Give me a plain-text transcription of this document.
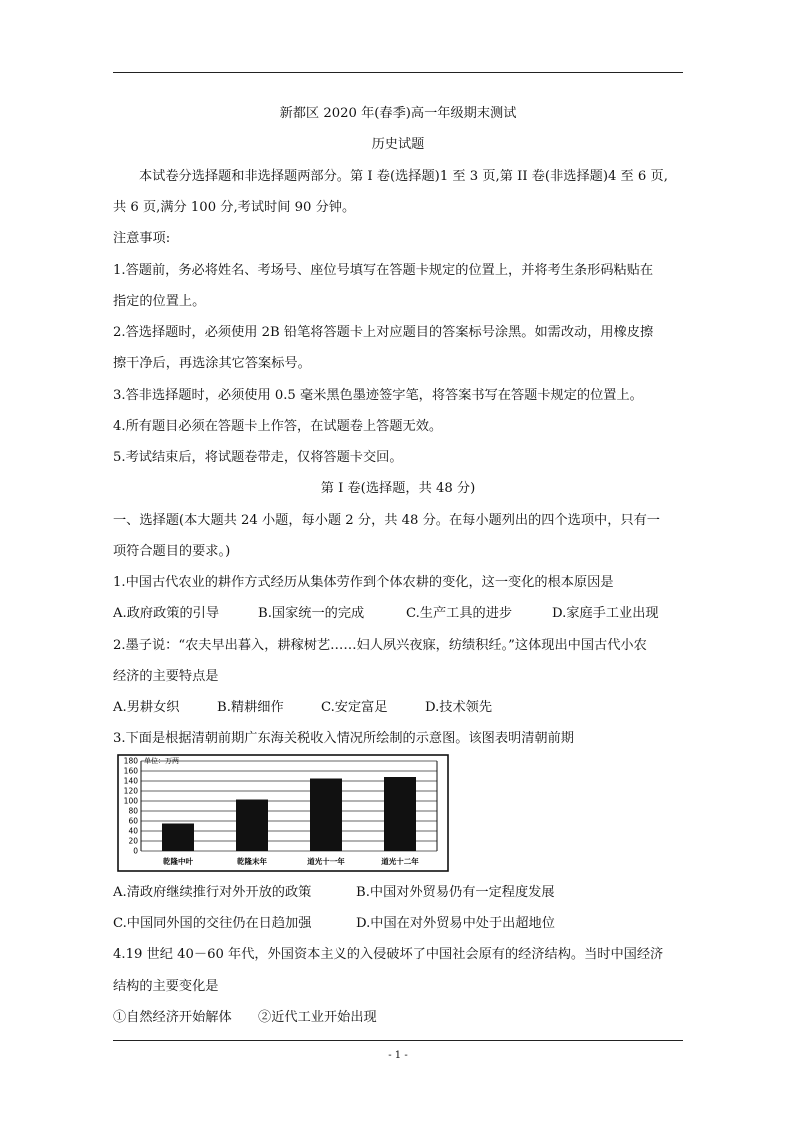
新都区 2020 年(春季)高一年级期末测试
历史试题
本试卷分选择题和非选择题两部分。第 I 卷(选择题)1 至 3 页,第 II 卷(非选择题)4 至 6 页,
共 6 页,满分 100 分,考试时间 90 分钟。
注意事项:
1.答题前，务必将姓名、考场号、座位号填写在答题卡规定的位置上，并将考生条形码粘贴在
指定的位置上。
2.答选择题时，必须使用 2B 铅笔将答题卡上对应题目的答案标号涂黑。如需改动，用橡皮擦
擦干净后，再选涂其它答案标号。
3.答非选择题时，必须使用 0.5 毫米黑色墨迹签字笔，将答案书写在答题卡规定的位置上。
4.所有题目必须在答题卡上作答，在试题卷上答题无效。
5.考试结束后，将试题卷带走，仅将答题卡交回。
第 I 卷(选择题，共 48 分)
一、选择题(本大题共 24 小题，每小题 2 分，共 48 分。在每小题列出的四个选项中，只有一
项符合题目的要求。)
1.中国古代农业的耕作方式经历从集体劳作到个体农耕的变化，这一变化的根本原因是
A.政府政策的引导	B.国家统一的完成	C.生产工具的进步	D.家庭手工业出现
2.墨子说：“农夫早出暮入，耕稼树艺……妇人夙兴夜寐，纺绩积纴。”这体现出中国古代小农
经济的主要特点是
A.男耕女织	B.精耕细作	C.安定富足	D.技术领先
3.下面是根据清朝前期广东海关税收入情况所绘制的示意图。该图表明清朝前期
0
20
40
60
80
100
120
140
160
180
乾隆中叶	乾隆末年	道光十一年	道光十二年
单位：万两
A.清政府继续推行对外开放的政策	B.中国对外贸易仍有一定程度发展
C.中国同外国的交往仍在日趋加强	D.中国在对外贸易中处于出超地位
4.19 世纪 40－60 年代，外国资本主义的入侵破坏了中国社会原有的经济结构。当时中国经济
结构的主要变化是
①自然经济开始解体　　②近代工业开始出现
- 1 -
